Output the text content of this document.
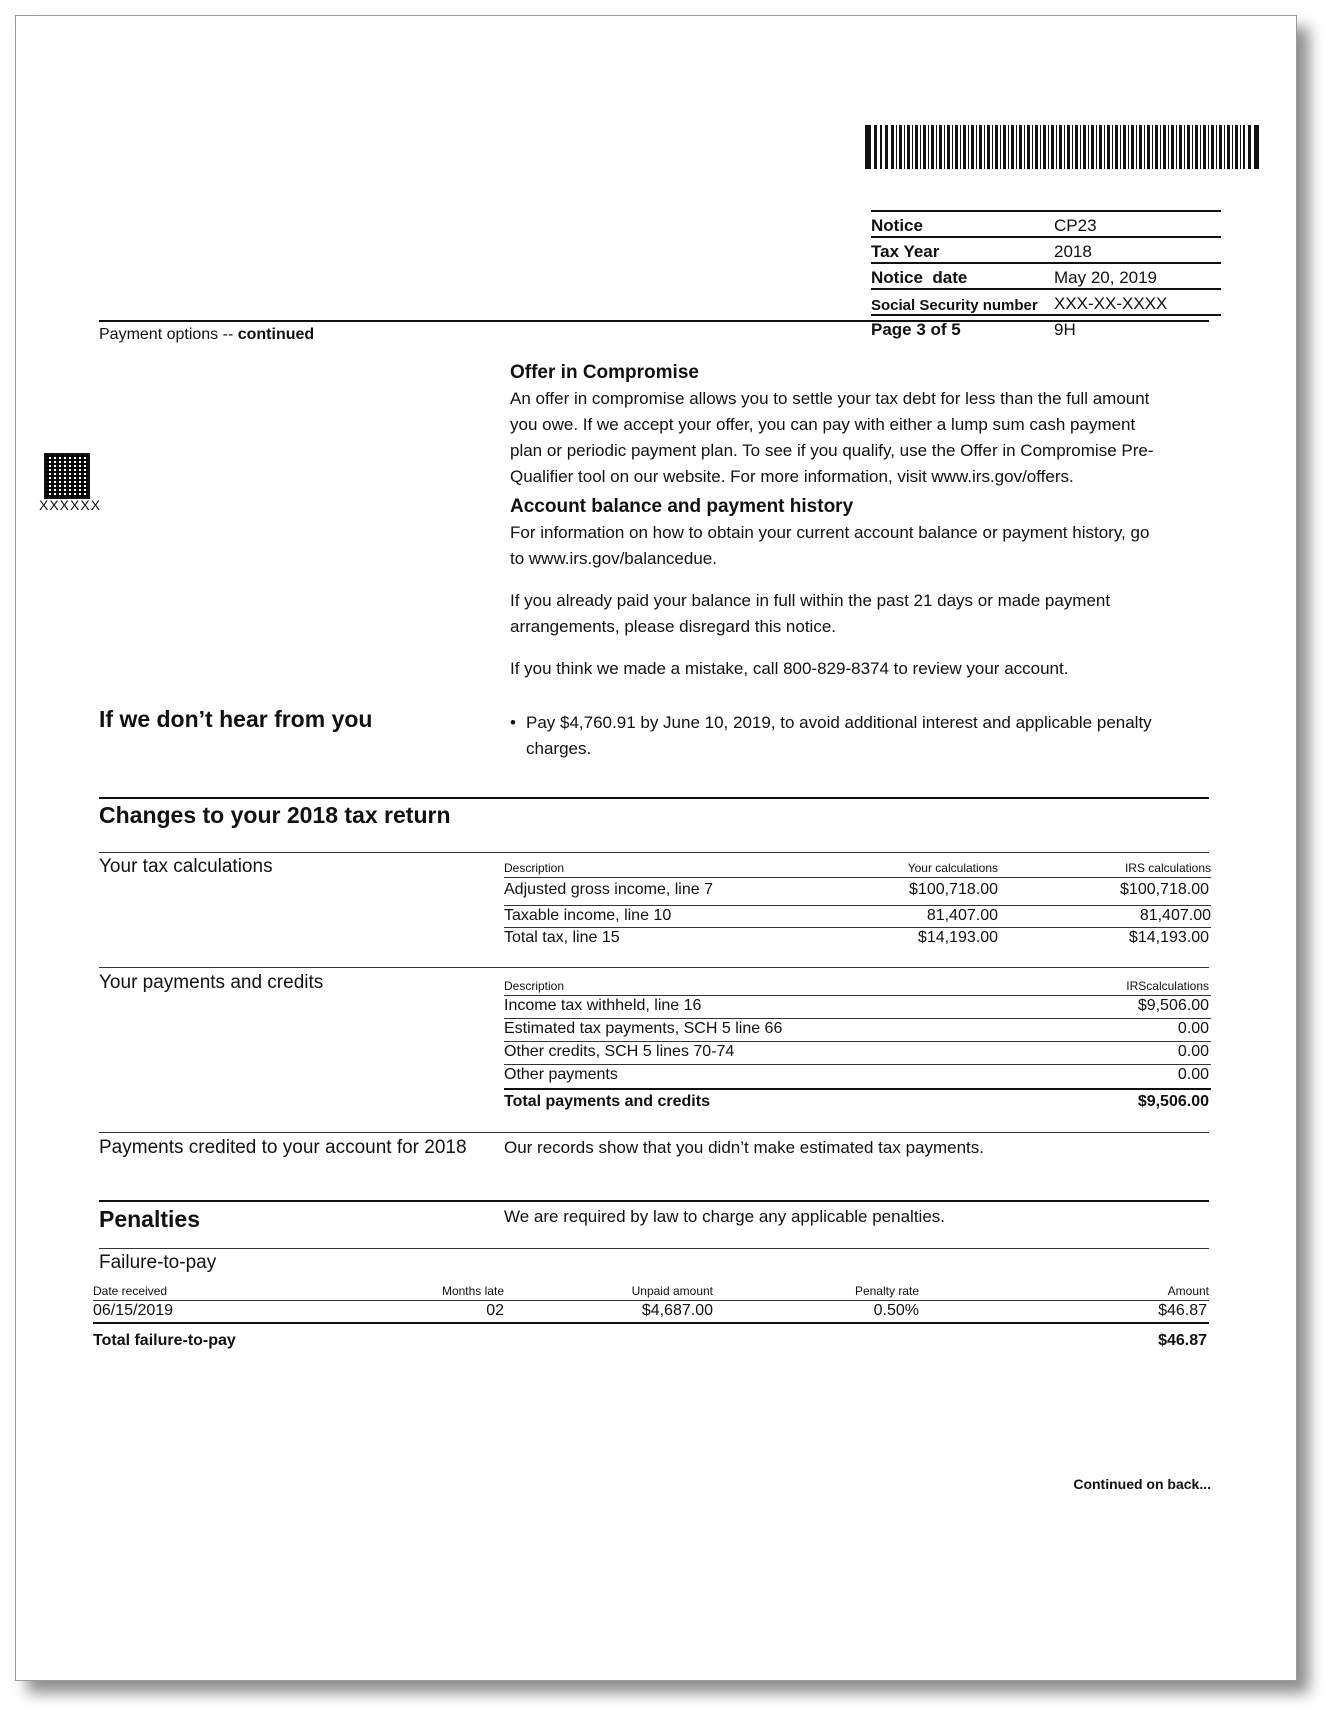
Notice	CP23
Tax Year	2018
Notice  date	May 20, 2019
Social Security number XXX-XX-XXXX
Page 3 of 5	9H
Payment options -- continued
XXXXXX
Offer in Compromise
An offer in compromise allows you to settle your tax debt for less than the full amount
you owe. If we accept your offer, you can pay with either a lump sum cash payment
plan or periodic payment plan. To see if you qualify, use the Offer in Compromise Pre-
Qualifier tool on our website. For more information, visit www.irs.gov/offers.
Account balance and payment history
For information on how to obtain your current account balance or payment history, go
to www.irs.gov/balancedue.
If you already paid your balance in full within the past 21 days or made payment
arrangements, please disregard this notice.
If you think we made a mistake, call 800-829-8374 to review your account.
If we don’t hear from you	• Pay $4,760.91 by June 10, 2019, to avoid additional interest and applicable penalty
charges.
Changes to your 2018 tax return
Your tax calculations	Description	Your calculations	IRS calculations
Adjusted gross income, line 7	$100,718.00	$100,718.00
Taxable income, line 10	81,407.00	81,407.00
Total tax, line 15	$14,193.00	$14,193.00
Your payments and credits	Description	IRScalculations
Income tax withheld, line 16	$9,506.00
Estimated tax payments, SCH 5 line 66	0.00
Other credits, SCH 5 lines 70-74	0.00
Other payments	0.00
Total payments and credits	$9,506.00
Payments credited to your account for 2018 Our records show that you didn’t make estimated tax payments.
Penalties	We are required by law to charge any applicable penalties.
Failure-to-pay
Date received	Months late	Unpaid amount	Penalty rate	Amount
06/15/2019	02	$4,687.00	0.50%	$46.87
Total failure-to-pay	$46.87
Continued on back...
